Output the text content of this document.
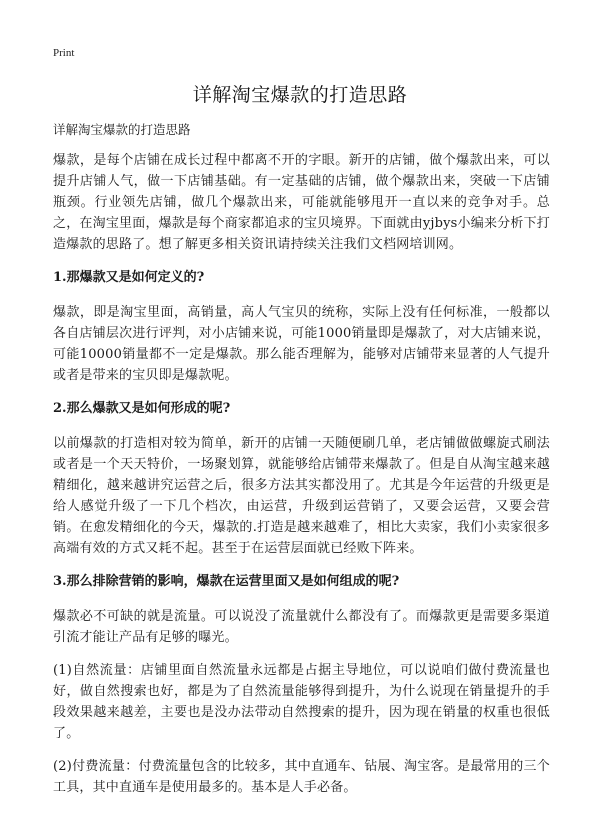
Print
详解淘宝爆款的打造思路
详解淘宝爆款的打造思路

爆款，是每个店铺在成长过程中都离不开的字眼。新开的店铺，做个爆款出来，可以提升店铺人气，做一下店铺基础。有一定基础的店铺，做个爆款出来，突破一下店铺瓶颈。行业领先店铺，做几个爆款出来，可能就能够甩开一直以来的竞争对手。总之，在淘宝里面，爆款是每个商家都追求的宝贝境界。下面就由yjbys小编来分析下打造爆款的思路了。想了解更多相关资讯请持续关注我们文档网培训网。

1.那爆款又是如何定义的?

爆款，即是淘宝里面，高销量，高人气宝贝的统称，实际上没有任何标准，一般都以各自店铺层次进行评判，对小店铺来说，可能1000销量即是爆款了，对大店铺来说，可能10000销量都不一定是爆款。那么能否理解为，能够对店铺带来显著的人气提升或者是带来的宝贝即是爆款呢。

2.那么爆款又是如何形成的呢?

以前爆款的打造相对较为简单，新开的店铺一天随便刷几单，老店铺做做螺旋式刷法或者是一个天天特价，一场聚划算，就能够给店铺带来爆款了。但是自从淘宝越来越精细化，越来越讲究运营之后，很多方法其实都没用了。尤其是今年运营的升级更是给人感觉升级了一下几个档次，由运营，升级到运营销了，又要会运营，又要会营销。在愈发精细化的今天，爆款的.打造是越来越难了，相比大卖家，我们小卖家很多高端有效的方式又耗不起。甚至于在运营层面就已经败下阵来。

3.那么排除营销的影响，爆款在运营里面又是如何组成的呢?

爆款必不可缺的就是流量。可以说没了流量就什么都没有了。而爆款更是需要多渠道引流才能让产品有足够的曝光。

(1)自然流量：店铺里面自然流量永远都是占据主导地位，可以说咱们做付费流量也好，做自然搜索也好，都是为了自然流量能够得到提升，为什么说现在销量提升的手段效果越来越差，主要也是没办法带动自然搜索的提升，因为现在销量的权重也很低了。

(2)付费流量：付费流量包含的比较多，其中直通车、钻展、淘宝客。是最常用的三个工具，其中直通车是使用最多的。基本是人手必备。
